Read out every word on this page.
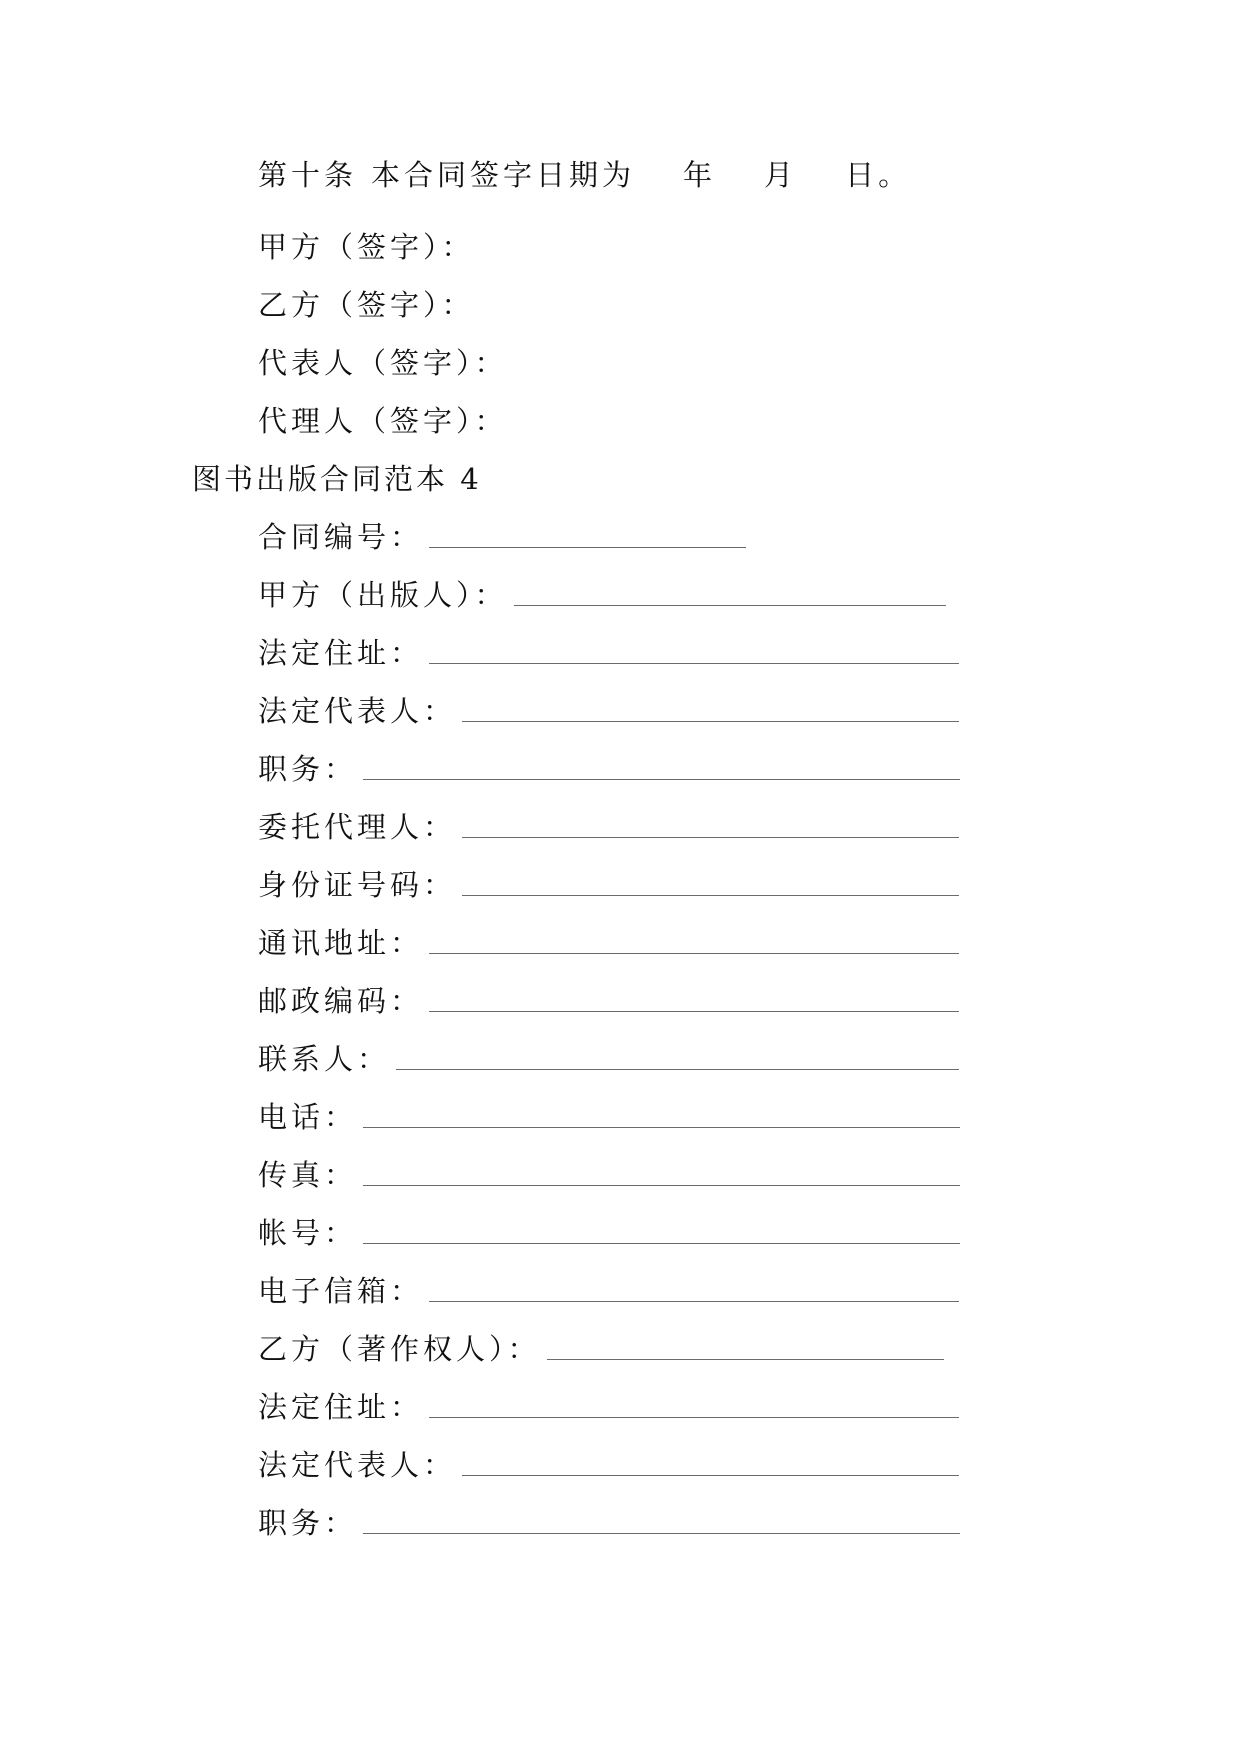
第十条 本合同签字日期为 年 月 日。
甲方（签字）：
乙方（签字）：
代表人（签字）：
代理人（签字）：
图书出版合同范本 4
合同编号：
甲方（出版人）：
法定住址：
法定代表人：
职务：
委托代理人：
身份证号码：
通讯地址：
邮政编码：
联系人：
电话：
传真：
帐号：
电子信箱：
乙方（著作权人）：
法定住址：
法定代表人：
职务：
